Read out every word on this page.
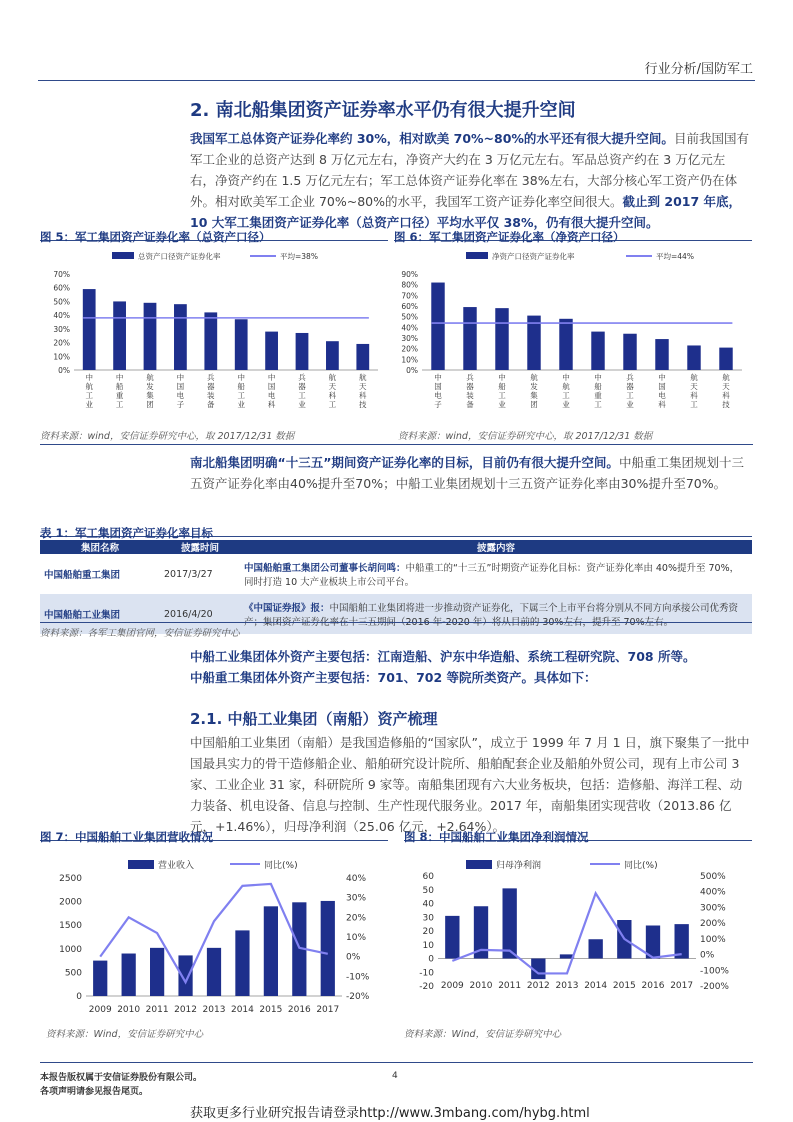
行业分析/国防军工
2. 南北船集团资产证券率水平仍有很大提升空间
我国军工总体资产证券化率约 30%，相对欧美 70%~80%的水平还有很大提升空间。目前我国国有军工企业的总资产达到 8 万亿元左右，净资产大约在 3 万亿元左右。军品总资产约在 3 万亿元左右，净资产约在 1.5 万亿元左右；军工总体资产证券化率在 38%左右，大部分核心军工资产仍在体外。相对欧美军工企业 70%~80%的水平，我国军工资产证券化率空间很大。截止到 2017 年底，10 大军工集团资产证券化率（总资产口径）平均水平仅 38%，仍有很大提升空间。
图 5：军工集团资产证券化率（总资产口径）
总资产口径资产证券化率	平均=38%
0%
10%
20%
30%
40%
50%
60%
70%
中航工业
中船重工
航发集团
中国电子
兵器装备
中船工业
中国电科
兵器工业
航天科工
航天科技
资料来源：wind，安信证券研究中心，取 2017/12/31 数据
图 6：军工集团资产证券化率（净资产口径）
净资产口径资产证券化率	平均=44%
0%
10%
20%
30%
40%
50%
60%
70%
80%
90%
中国电子
兵器装备
中船工业
航发集团
中航工业
中船重工
兵器工业
中国电科
航天科工
航天科技
资料来源：wind，安信证券研究中心，取 2017/12/31 数据
南北船集团明确“十三五”期间资产证券化率的目标，目前仍有很大提升空间。中船重工集团规划十三五资产证券化率由40%提升至70%；中船工业集团规划十三五资产证券化率由30%提升至70%。
表 1：军工集团资产证券化率目标
集团名称	披露时间	披露内容
中国船舶重工集团	2017/3/27	中国船舶重工集团公司董事长胡问鸣：中船重工的“十三五”时期资产证券化目标：资产证券化率由 40%提升至 70%，同时打造 10 大产业板块上市公司平台。
中国船舶工业集团	2016/4/20	《中国证券报》报：中国船舶工业集团将进一步推动资产证券化，下属三个上市平台将分别从不同方向承接公司优秀资产；集团资产证券化率在十三五期间（2016 年-2020 年）将从目前的 30%左右，提升至 70%左右。
资料来源：各军工集团官网，安信证券研究中心
中船工业集团体外资产主要包括：江南造船、沪东中华造船、系统工程研究院、708 所等。
中船重工集团体外资产主要包括：701、702 等院所类资产。具体如下：
2.1. 中船工业集团（南船）资产梳理
中国船舶工业集团（南船）是我国造修船的“国家队”，成立于 1999 年 7 月 1 日，旗下聚集了一批中国最具实力的骨干造修船企业、船舶研究设计院所、船舶配套企业及船舶外贸公司，现有上市公司 3 家、工业企业 31 家，科研院所 9 家等。南船集团现有六大业务板块，包括：造修船、海洋工程、动力装备、机电设备、信息与控制、生产性现代服务业。2017 年，南船集团实现营收（2013.86 亿元，+1.46%），归母净利润（25.06 亿元，+2.64%）。
图 7：中国船舶工业集团营收情况
营业收入	同比(%)
0
500
1000
1500
2000
2500
-20%
-10%
0%
10%
20%
30%
40%
2009 2010 2011 2012 2013 2014 2015 2016 2017
资料来源：Wind，安信证券研究中心
图 8：中国船舶工业集团净利润情况
归母净利润	同比(%)
-20
-10
0
10
20
30
40
50
60
-200%
-100%
0%
100%
200%
300%
400%
500%
2009 2010 2011 2012 2013 2014 2015 2016 2017
资料来源：Wind，安信证券研究中心
本报告版权属于安信证券股份有限公司。
各项声明请参见报告尾页。
4
获取更多行业研究报告请登录http://www.3mbang.com/hybg.html
